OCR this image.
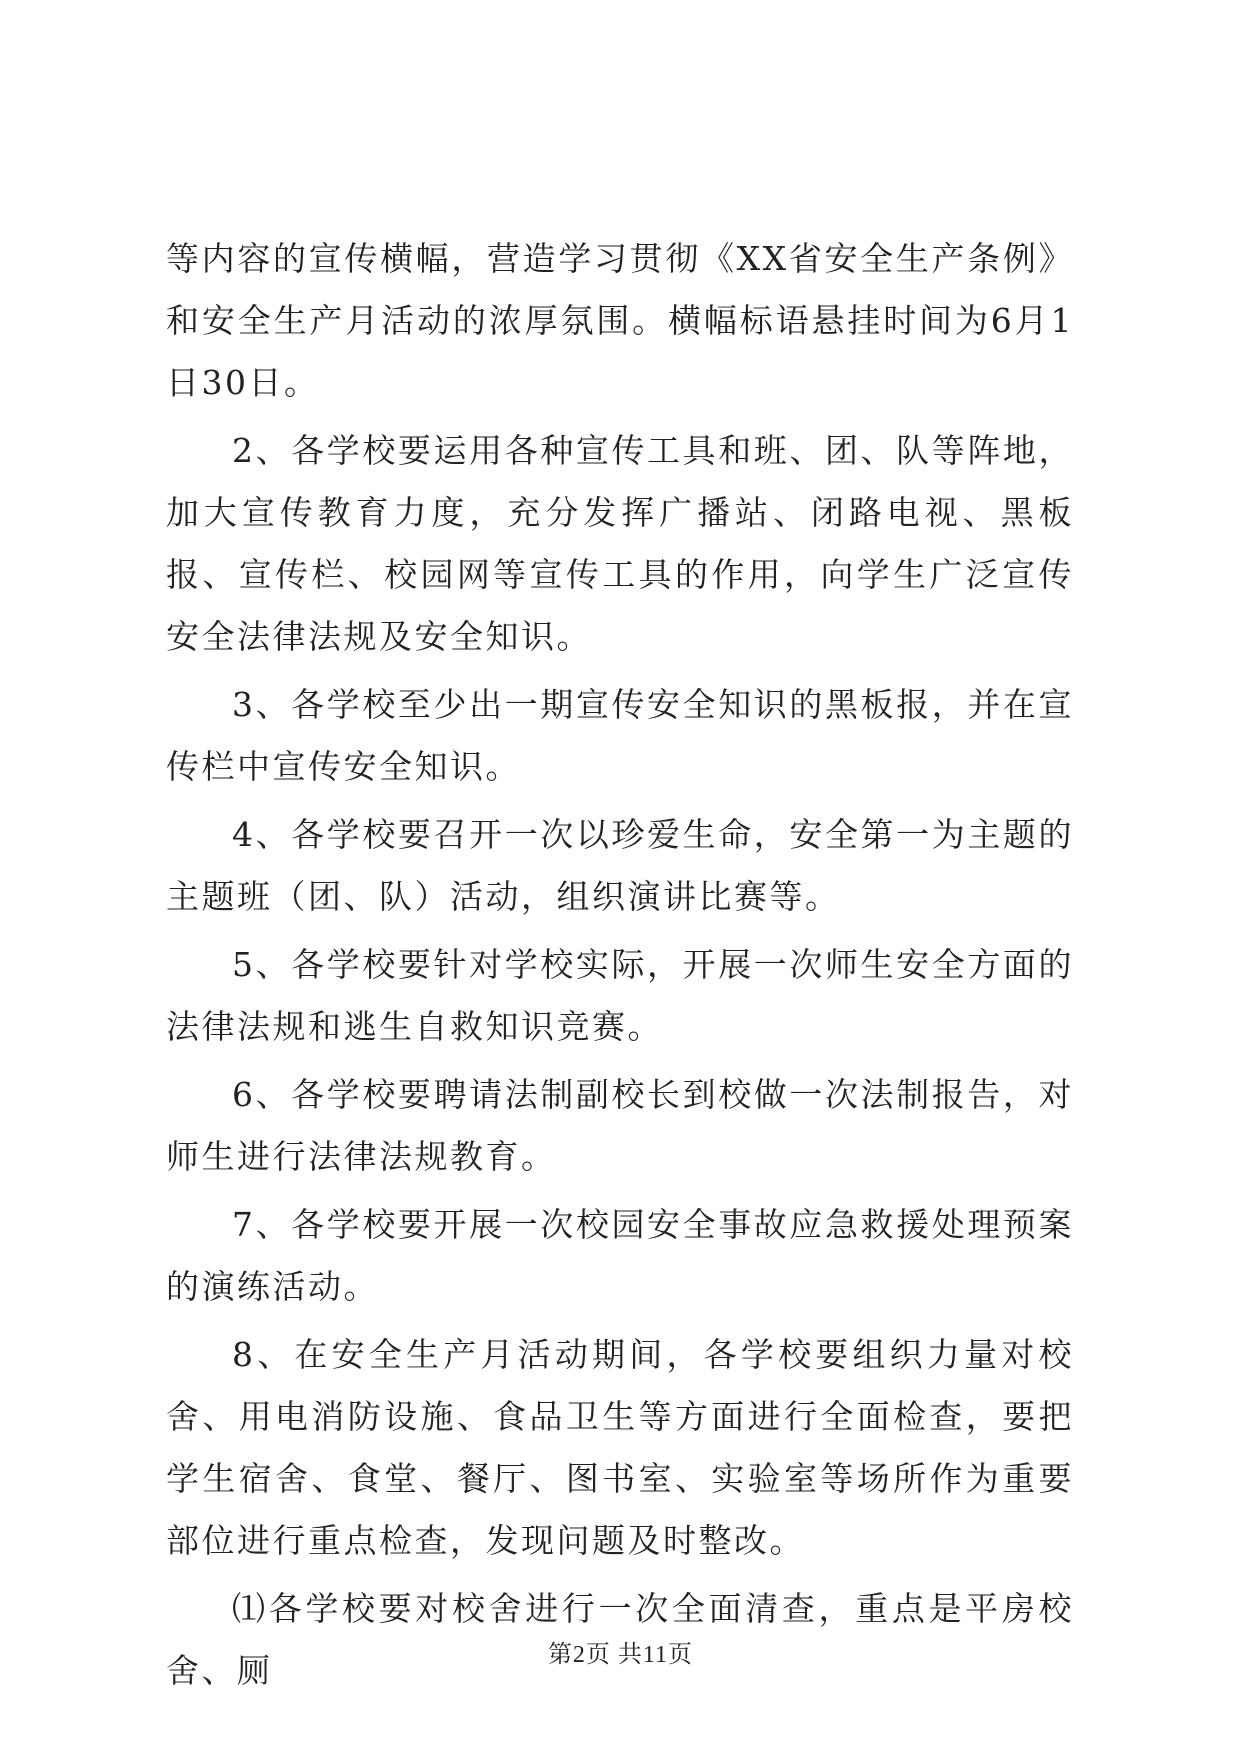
等内容的宣传横幅，营造学习贯彻《XX省安全生产条例》和安全生产月活动的浓厚氛围。横幅标语悬挂时间为6月1日30日。

2、各学校要运用各种宣传工具和班、团、队等阵地，加大宣传教育力度，充分发挥广播站、闭路电视、黑板报、宣传栏、校园网等宣传工具的作用，向学生广泛宣传安全法律法规及安全知识。

3、各学校至少出一期宣传安全知识的黑板报，并在宣传栏中宣传安全知识。

4、各学校要召开一次以珍爱生命，安全第一为主题的主题班（团、队）活动，组织演讲比赛等。

5、各学校要针对学校实际，开展一次师生安全方面的法律法规和逃生自救知识竞赛。

6、各学校要聘请法制副校长到校做一次法制报告，对师生进行法律法规教育。

7、各学校要开展一次校园安全事故应急救援处理预案的演练活动。

8、在安全生产月活动期间，各学校要组织力量对校舍、用电消防设施、食品卫生等方面进行全面检查，要把学生宿舍、食堂、餐厅、图书室、实验室等场所作为重要部位进行重点检查，发现问题及时整改。

⑴各学校要对校舍进行一次全面清查，重点是平房校舍、厕	第2页 共11页
